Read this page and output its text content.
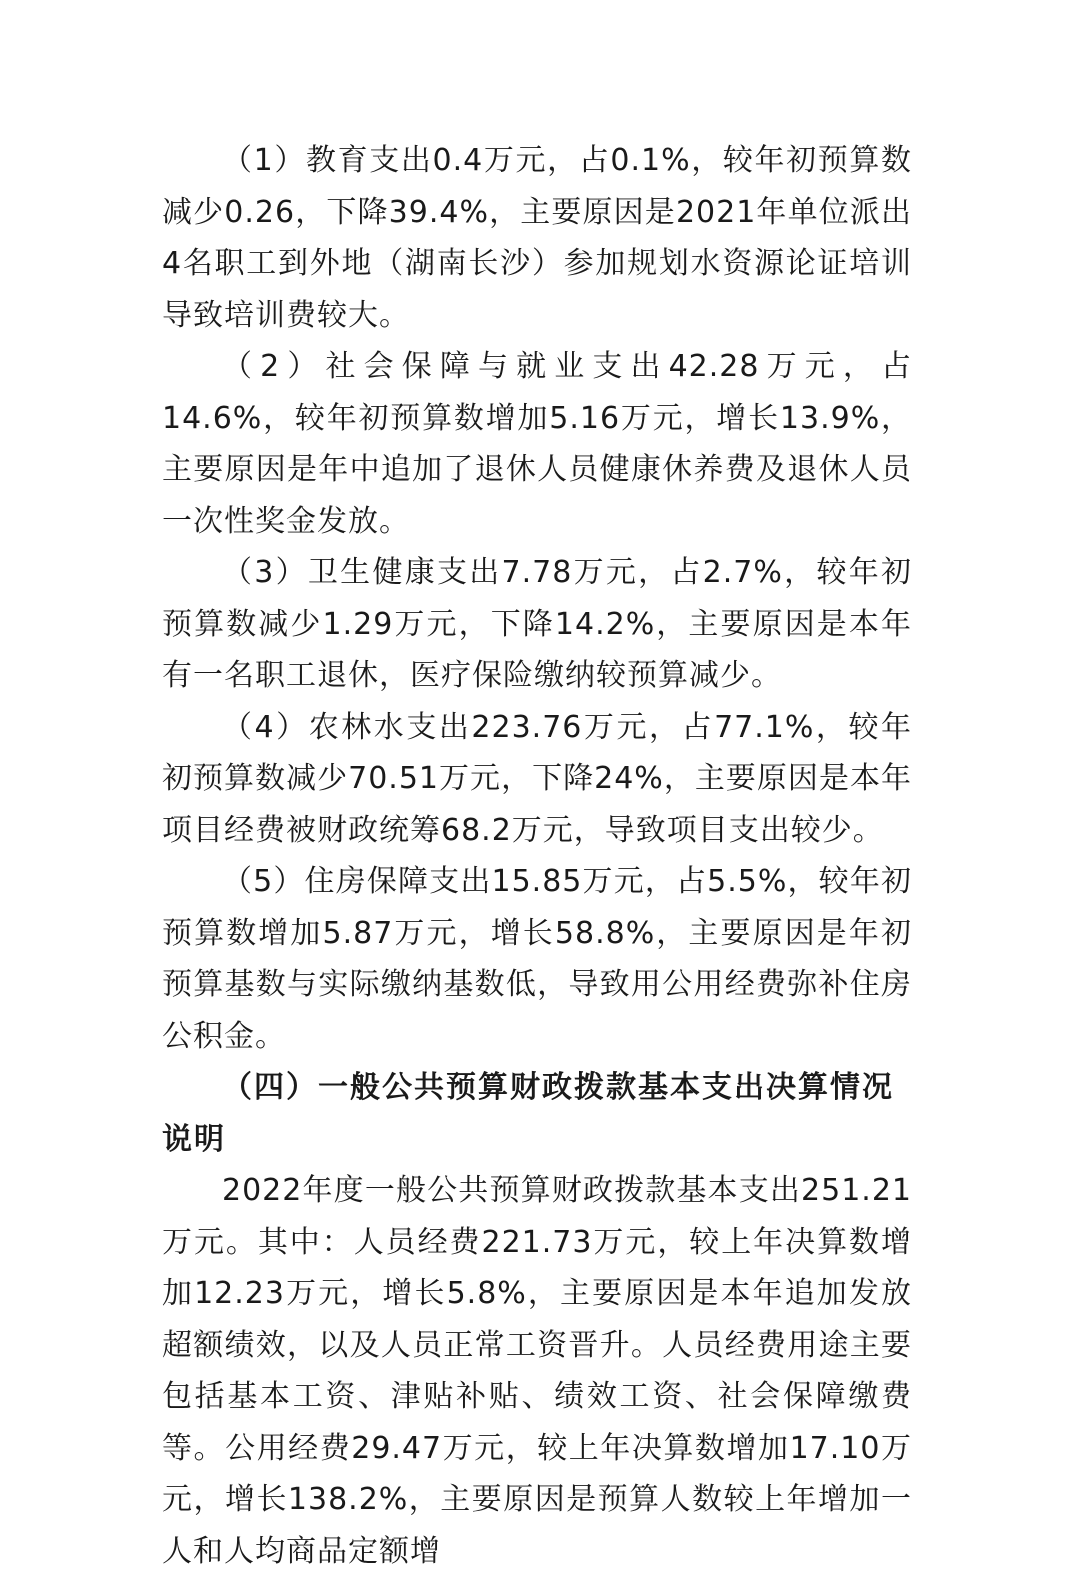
（1）教育支出0.4万元，占0.1%，较年初预算数减少0.26，下降39.4%，主要原因是2021年单位派出4名职工到外地（湖南长沙）参加规划水资源论证培训导致培训费较大。

（2）社会保障与就业支出42.28万元，占14.6%，较年初预算数增加5.16万元，增长13.9%，主要原因是年中追加了退休人员健康休养费及退休人员一次性奖金发放。

（3）卫生健康支出7.78万元，占2.7%，较年初预算数减少1.29万元，下降14.2%，主要原因是本年有一名职工退休，医疗保险缴纳较预算减少。

（4）农林水支出223.76万元，占77.1%，较年初预算数减少70.51万元，下降24%，主要原因是本年项目经费被财政统筹68.2万元，导致项目支出较少。

（5）住房保障支出15.85万元，占5.5%，较年初预算数增加5.87万元，增长58.8%，主要原因是年初预算基数与实际缴纳基数低，导致用公用经费弥补住房公积金。

（四）一般公共预算财政拨款基本支出决算情况说明

2022年度一般公共预算财政拨款基本支出251.21万元。其中：人员经费221.73万元，较上年决算数增加12.23万元，增长5.8%，主要原因是本年追加发放超额绩效，以及人员正常工资晋升。人员经费用途主要包括基本工资、津贴补贴、绩效工资、社会保障缴费等。公用经费29.47万元，较上年决算数增加17.10万元，增长138.2%，主要原因是预算人数较上年增加一人和人均商品定额增
